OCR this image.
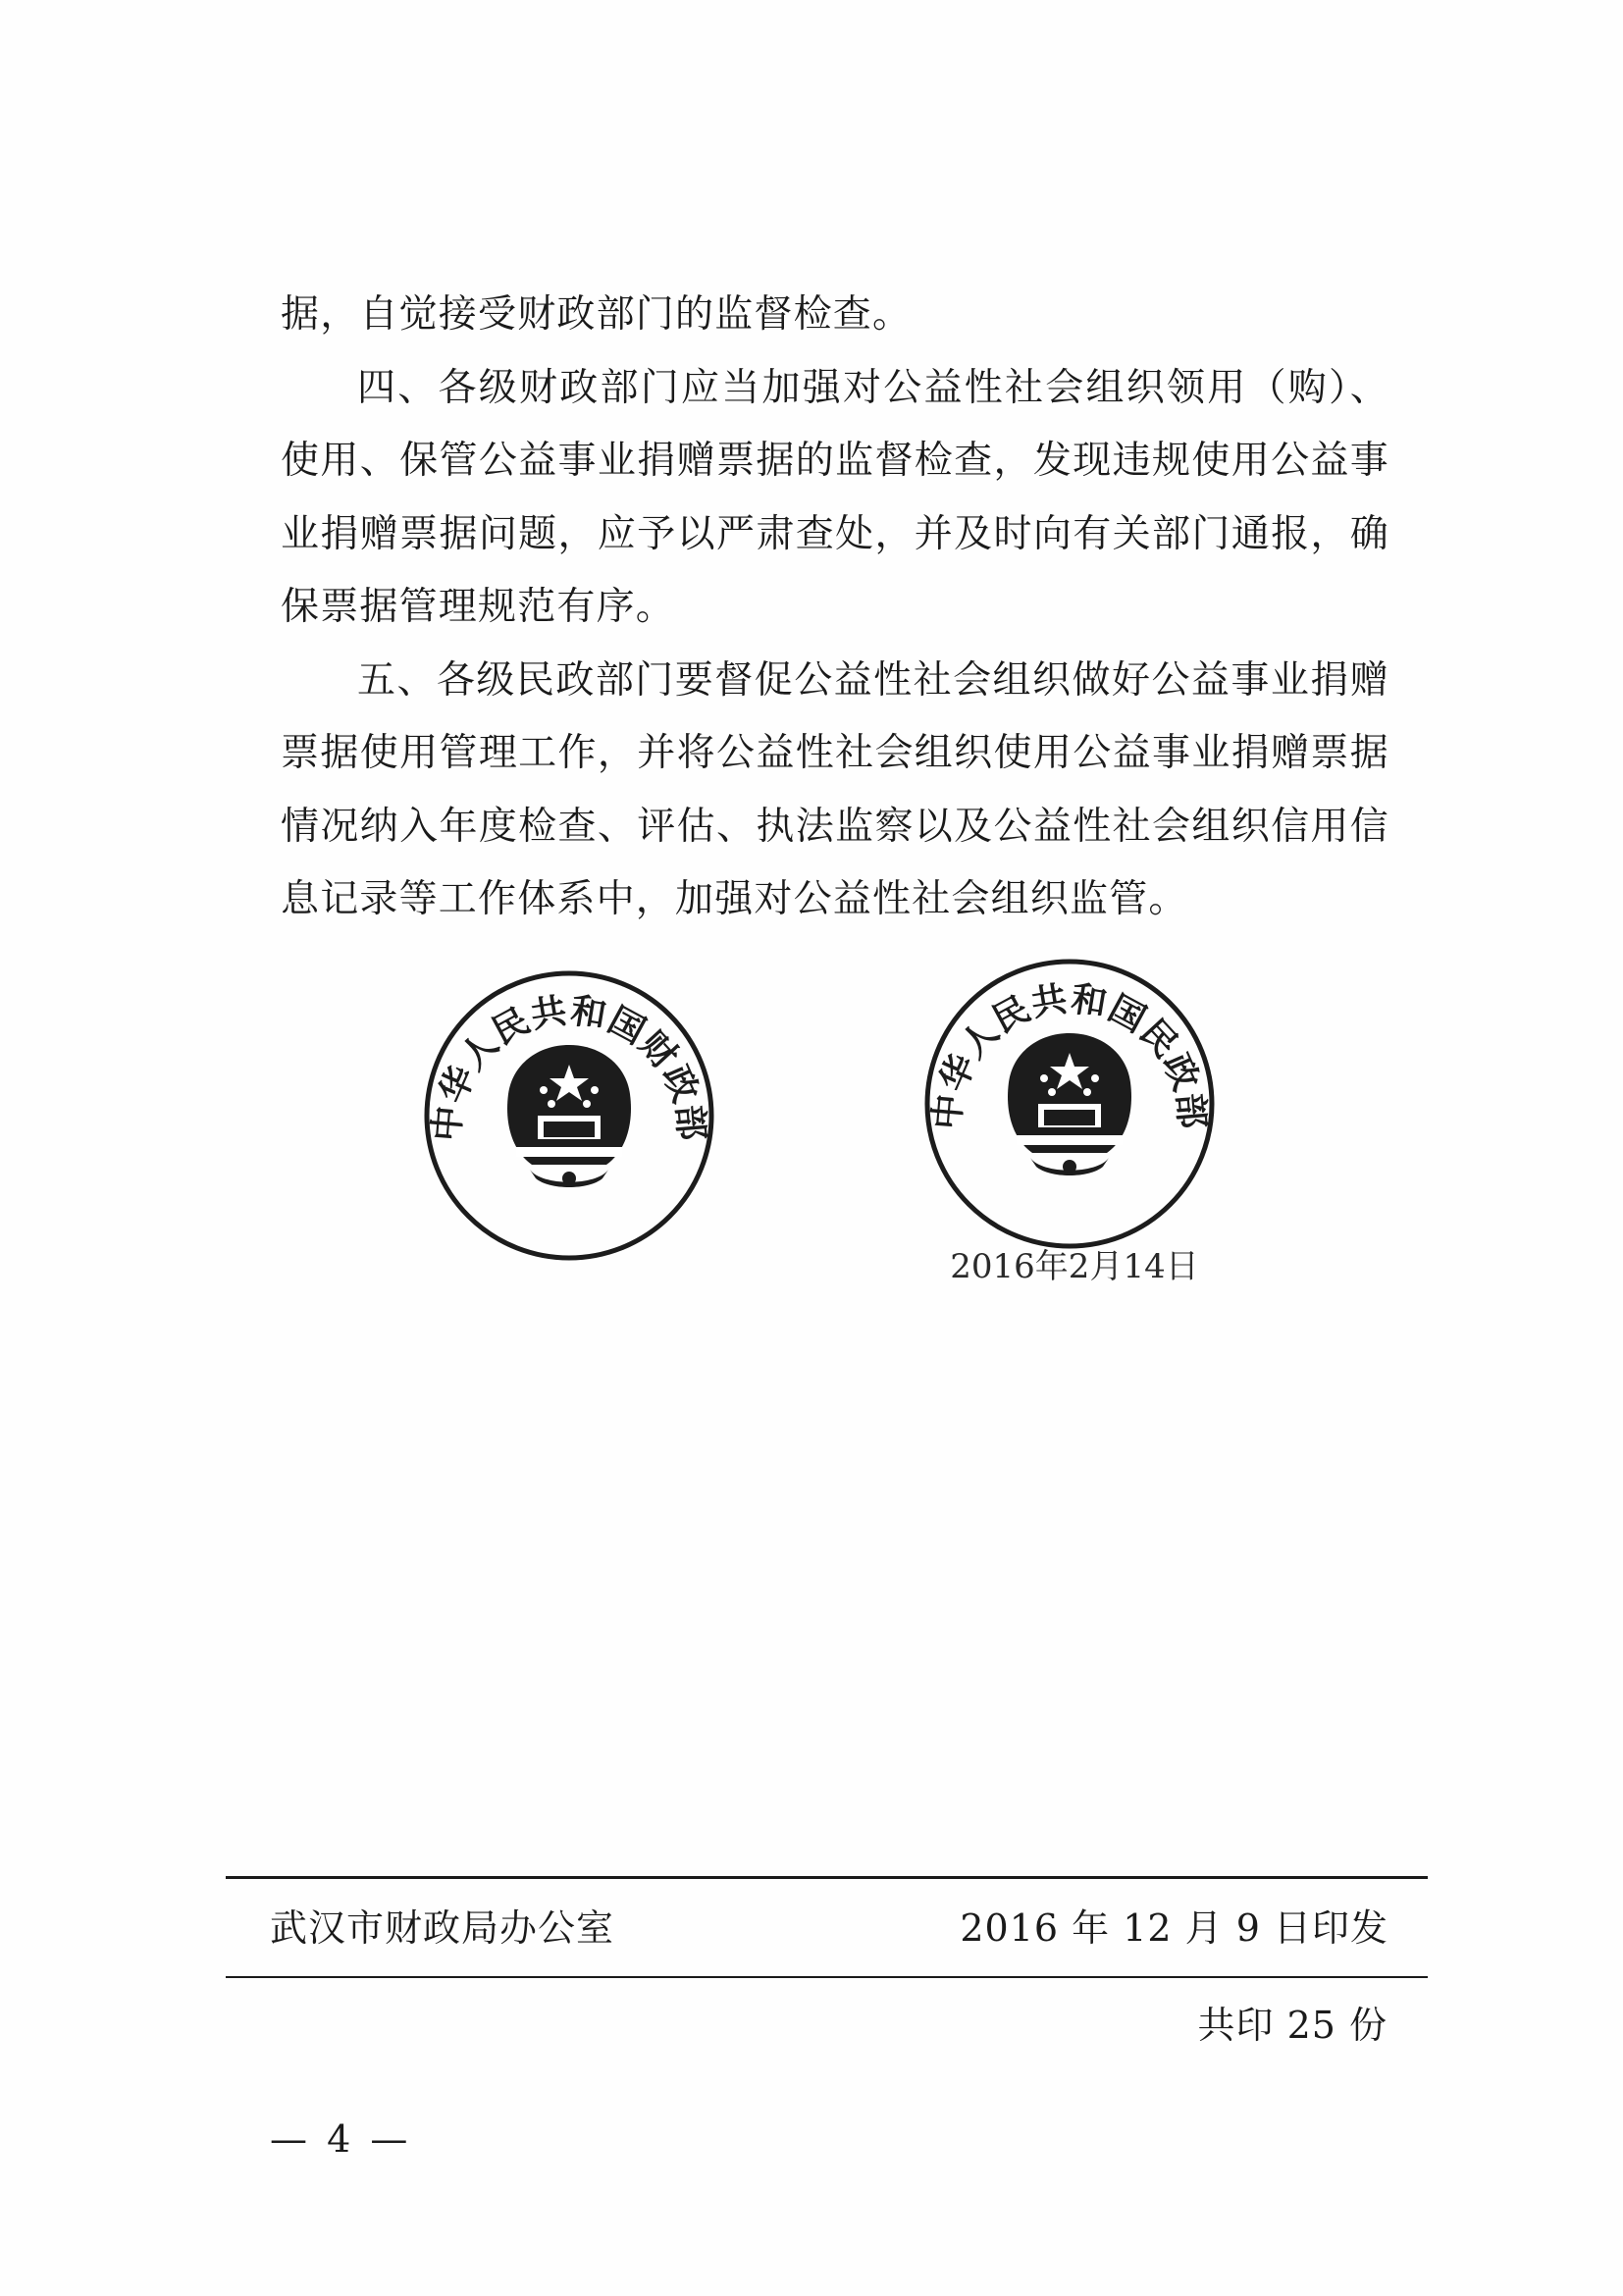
据，自觉接受财政部门的监督检查。

四、各级财政部门应当加强对公益性社会组织领用（购）、使用、保管公益事业捐赠票据的监督检查，发现违规使用公益事业捐赠票据问题，应予以严肃查处，并及时向有关部门通报，确保票据管理规范有序。

五、各级民政部门要督促公益性社会组织做好公益事业捐赠票据使用管理工作，并将公益性社会组织使用公益事业捐赠票据情况纳入年度检查、评估、执法监察以及公益性社会组织信用信息记录等工作体系中，加强对公益性社会组织监管。

中华人民共和国财政部	中华人民共和国民政部
2016年2月14日
武汉市财政局办公室	2016 年 12 月 9 日印发
共印 25 份
— 4 —
